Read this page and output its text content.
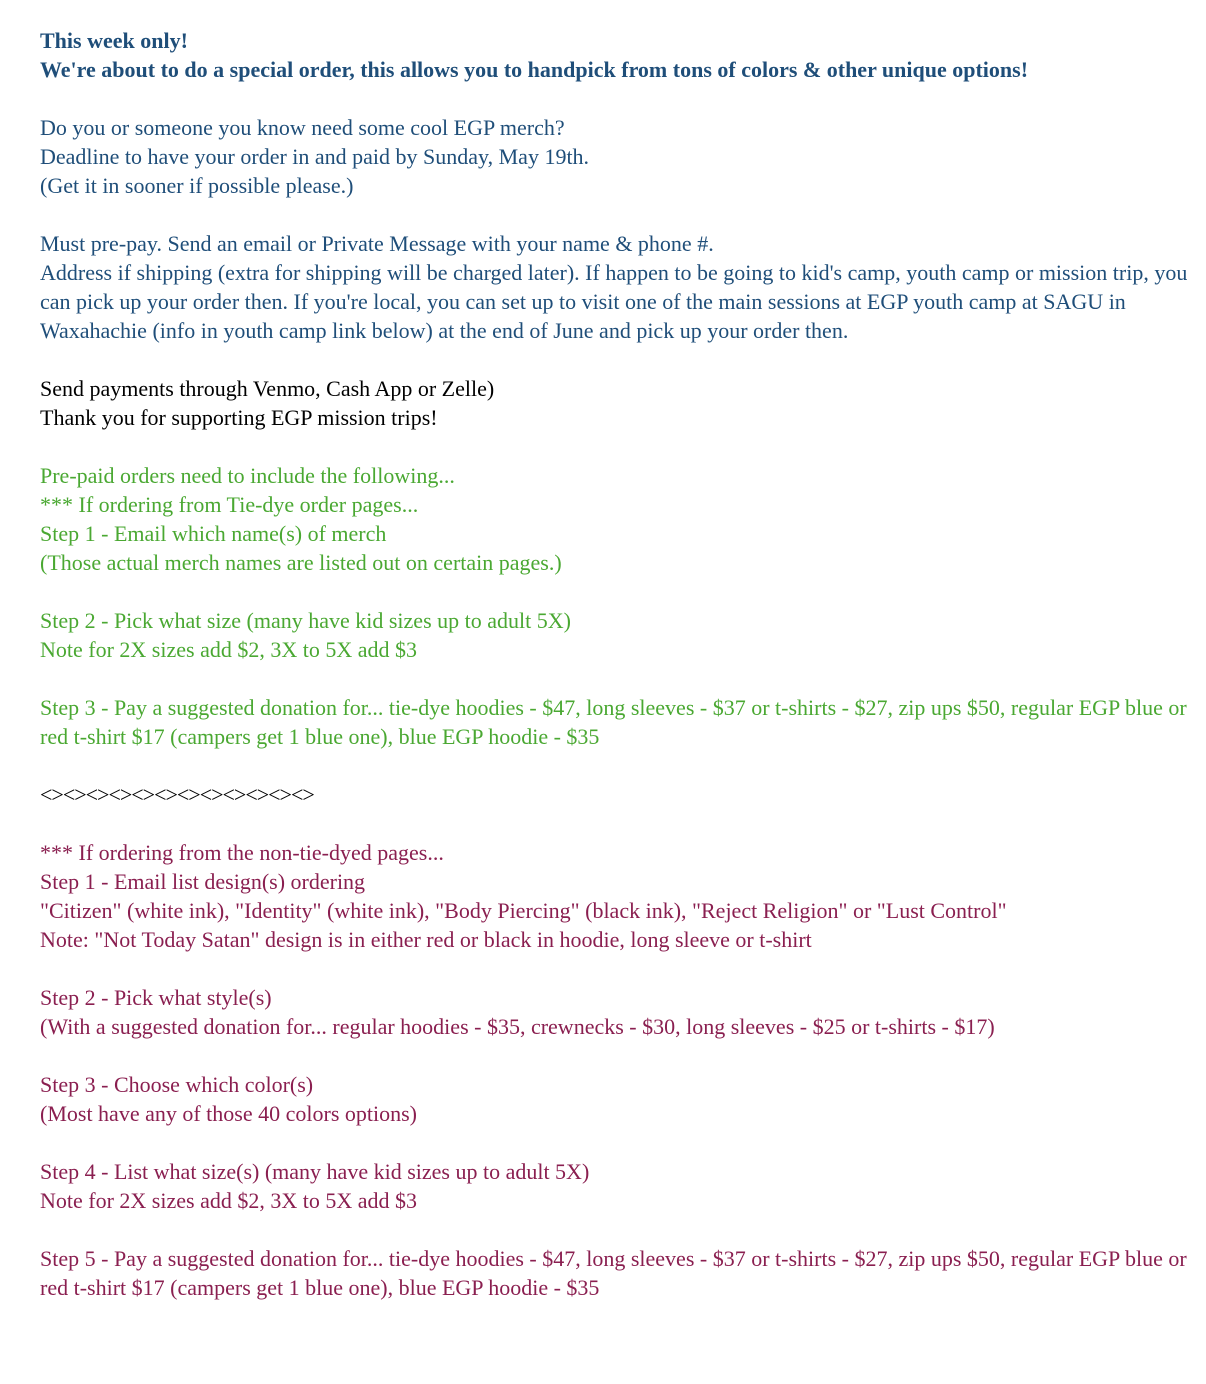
This week only!
We're about to do a special order, this allows you to handpick from tons of colors & other unique options!
Do you or someone you know need some cool EGP merch?
Deadline to have your order in and paid by Sunday, May 19th.
(Get it in sooner if possible please.)
Must pre-pay. Send an email or Private Message with your name & phone #.
Address if shipping (extra for shipping will be charged later). If happen to be going to kid's camp, youth camp or mission trip, you can pick up your order then. If you're local, you can set up to visit one of the main sessions at EGP youth camp at SAGU in Waxahachie (info in youth camp link below) at the end of June and pick up your order then.
Send payments through Venmo, Cash App or Zelle)
Thank you for supporting EGP mission trips!
Pre-paid orders need to include the following...
*** If ordering from Tie-dye order pages...
Step 1 - Email which name(s) of merch
(Those actual merch names are listed out on certain pages.)
Step 2 - Pick what size (many have kid sizes up to adult 5X)
Note for 2X sizes add $2, 3X to 5X add $3
Step 3 - Pay a suggested donation for... tie-dye hoodies - $47, long sleeves - $37 or t-shirts - $27, zip ups $50, regular EGP blue or red t-shirt $17 (campers get 1 blue one), blue EGP hoodie - $35
<><><><><><><><><><><><>
*** If ordering from the non-tie-dyed pages...
Step 1 - Email list design(s) ordering
"Citizen" (white ink), "Identity" (white ink), "Body Piercing" (black ink), "Reject Religion" or "Lust Control"
Note: "Not Today Satan" design is in either red or black in hoodie, long sleeve or t-shirt
Step 2 - Pick what style(s)
(With a suggested donation for... regular hoodies - $35, crewnecks - $30, long sleeves - $25 or t-shirts - $17)
Step 3 - Choose which color(s)
(Most have any of those 40 colors options)
Step 4 - List what size(s) (many have kid sizes up to adult 5X)
Note for 2X sizes add $2, 3X to 5X add $3
Step 5 - Pay a suggested donation for... tie-dye hoodies - $47, long sleeves - $37 or t-shirts - $27, zip ups $50, regular EGP blue or red t-shirt $17 (campers get 1 blue one), blue EGP hoodie - $35
